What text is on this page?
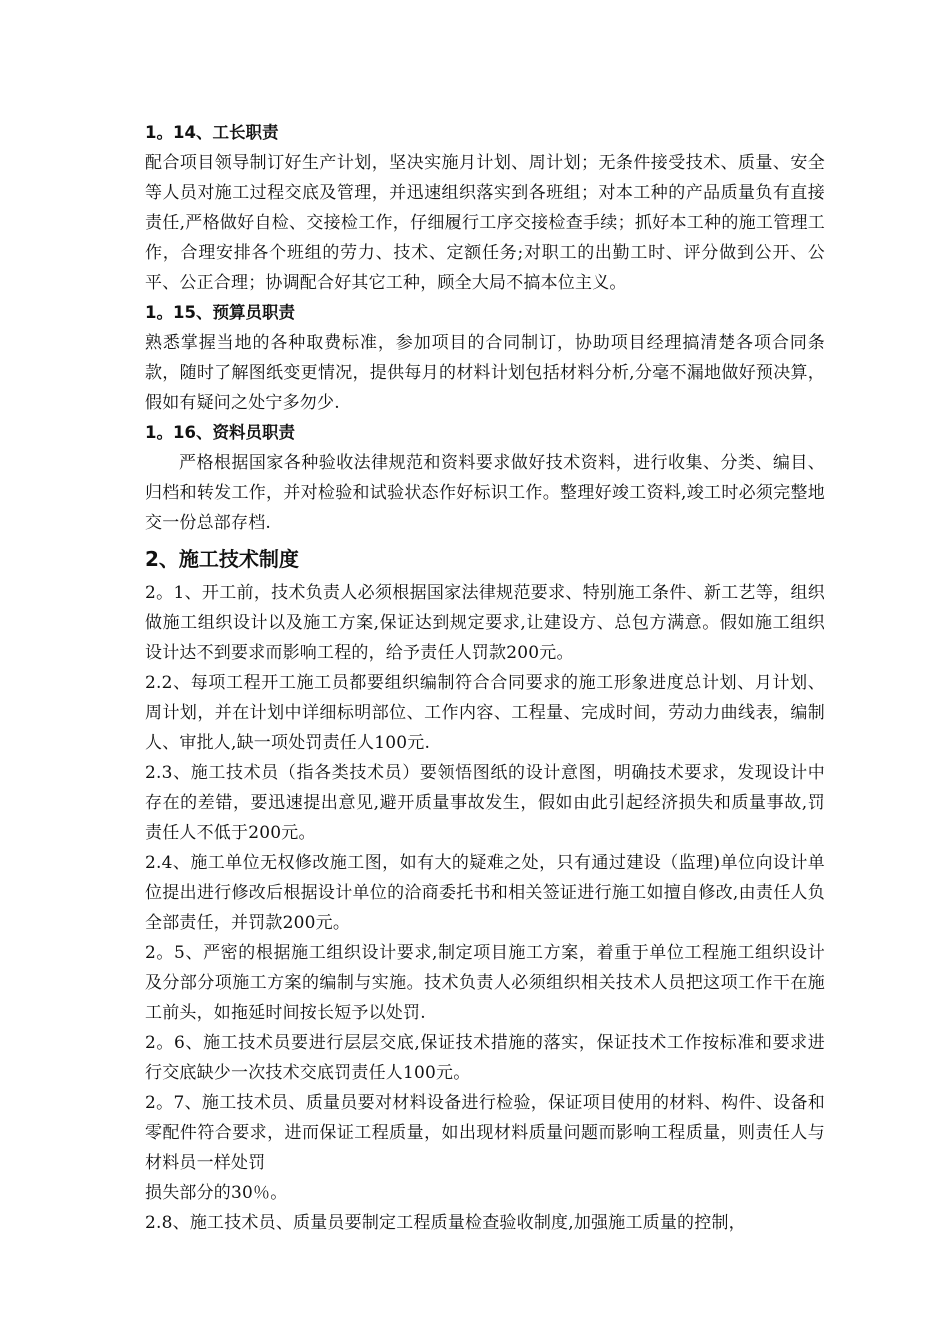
1。14、工长职责

配合项目领导制订好生产计划，坚决实施月计划、周计划；无条件接受技术、质量、安全等人员对施工过程交底及管理，并迅速组织落实到各班组；对本工种的产品质量负有直接责任,严格做好自检、交接检工作，仔细履行工序交接检查手续；抓好本工种的施工管理工作，合理安排各个班组的劳力、技术、定额任务;对职工的出勤工时、评分做到公开、公平、公正合理；协调配合好其它工种，顾全大局不搞本位主义。

1。15、预算员职责

熟悉掌握当地的各种取费标准，参加项目的合同制订，协助项目经理搞清楚各项合同条款，随时了解图纸变更情况，提供每月的材料计划包括材料分析,分毫不漏地做好预决算，假如有疑问之处宁多勿少.

1。16、资料员职责

严格根据国家各种验收法律规范和资料要求做好技术资料，进行收集、分类、编目、归档和转发工作，并对检验和试验状态作好标识工作。整理好竣工资料,竣工时必须完整地交一份总部存档.

2、施工技术制度

2。1、开工前，技术负责人必须根据国家法律规范要求、特别施工条件、新工艺等，组织做施工组织设计以及施工方案,保证达到规定要求,让建设方、总包方满意。假如施工组织设计达不到要求而影响工程的，给予责任人罚款200元。

2.2、每项工程开工施工员都要组织编制符合合同要求的施工形象进度总计划、月计划、周计划，并在计划中详细标明部位、工作内容、工程量、完成时间，劳动力曲线表，编制人、审批人,缺一项处罚责任人100元.

2.3、施工技术员（指各类技术员）要领悟图纸的设计意图，明确技术要求，发现设计中存在的差错，要迅速提出意见,避开质量事故发生，假如由此引起经济损失和质量事故,罚责任人不低于200元。

2.4、施工单位无权修改施工图，如有大的疑难之处，只有通过建设（监理)单位向设计单位提出进行修改后根据设计单位的洽商委托书和相关签证进行施工如擅自修改,由责任人负全部责任，并罚款200元。

2。5、严密的根据施工组织设计要求,制定项目施工方案，着重于单位工程施工组织设计及分部分项施工方案的编制与实施。技术负责人必须组织相关技术人员把这项工作干在施工前头，如拖延时间按长短予以处罚.

2。6、施工技术员要进行层层交底,保证技术措施的落实，保证技术工作按标准和要求进行交底缺少一次技术交底罚责任人100元。

2。7、施工技术员、质量员要对材料设备进行检验，保证项目使用的材料、构件、设备和零配件符合要求，进而保证工程质量，如出现材料质量问题而影响工程质量，则责任人与材料员一样处罚

损失部分的30％。

2.8、施工技术员、质量员要制定工程质量检查验收制度,加强施工质量的控制，
